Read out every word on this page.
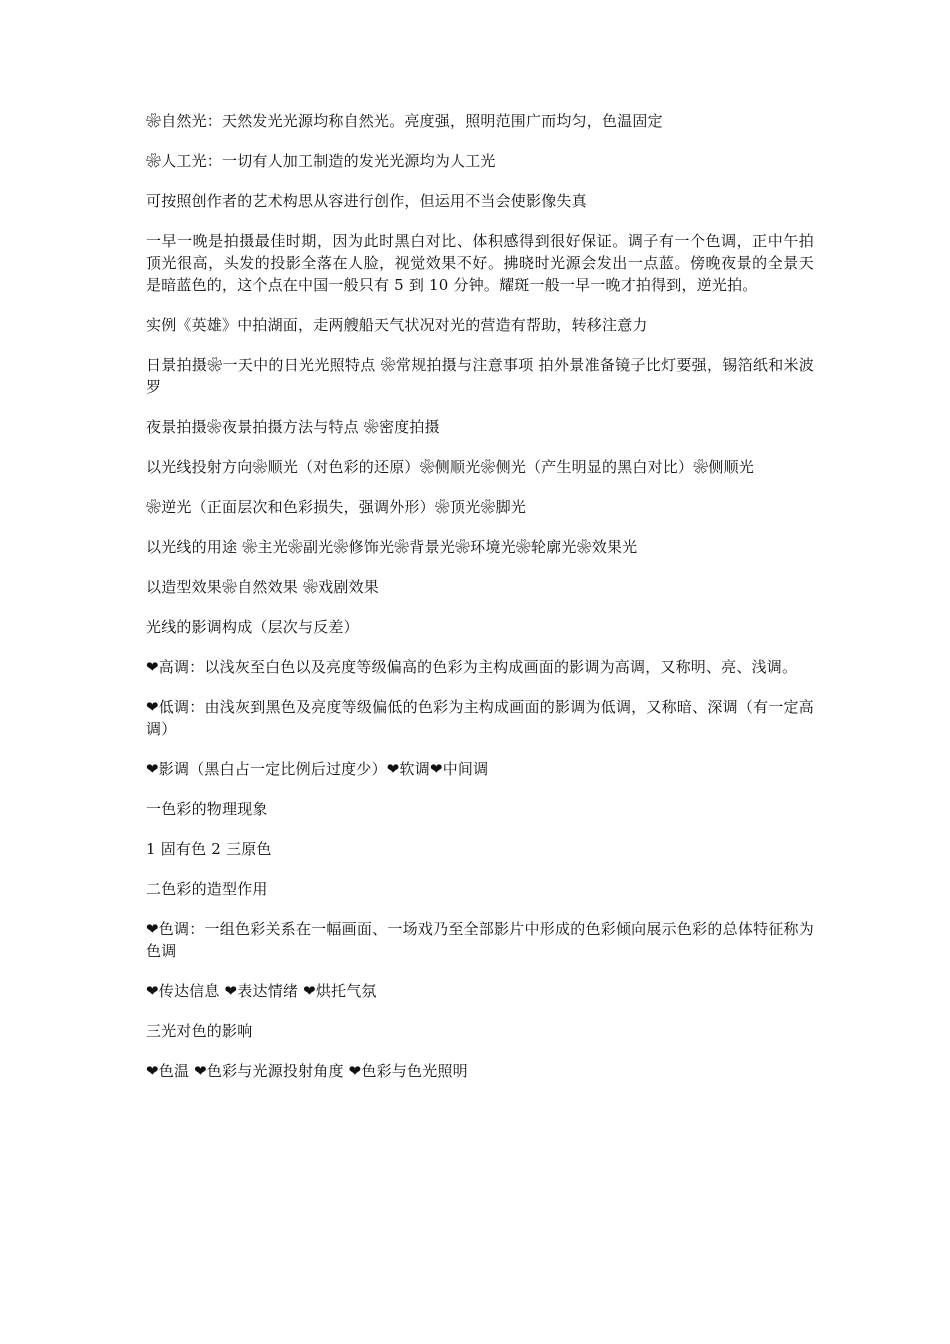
❀自然光：天然发光光源均称自然光。亮度强，照明范围广而均匀，色温固定

❀人工光：一切有人加工制造的发光光源均为人工光

可按照创作者的艺术构思从容进行创作，但运用不当会使影像失真

一早一晚是拍摄最佳时期，因为此时黑白对比、体积感得到很好保证。调子有一个色调，正中午拍顶光很高，头发的投影全落在人脸，视觉效果不好。拂晓时光源会发出一点蓝。傍晚夜景的全景天是暗蓝色的，这个点在中国一般只有 5 到 10 分钟。耀斑一般一早一晚才拍得到，逆光拍。

实例《英雄》中拍湖面，走两艘船天气状况对光的营造有帮助，转移注意力

日景拍摄❀一天中的日光光照特点 ❀常规拍摄与注意事项 拍外景准备镜子比灯要强，锡箔纸和米波罗

夜景拍摄❀夜景拍摄方法与特点 ❀密度拍摄

以光线投射方向❀顺光（对色彩的还原）❀侧顺光❀侧光（产生明显的黑白对比）❀侧顺光

❀逆光（正面层次和色彩损失，强调外形）❀顶光❀脚光

以光线的用途 ❀主光❀副光❀修饰光❀背景光❀环境光❀轮廓光❀效果光

以造型效果❀自然效果 ❀戏剧效果

光线的影调构成（层次与反差）

❤高调：以浅灰至白色以及亮度等级偏高的色彩为主构成画面的影调为高调，又称明、亮、浅调。

❤低调：由浅灰到黑色及亮度等级偏低的色彩为主构成画面的影调为低调，又称暗、深调（有一定高调）

❤影调（黑白占一定比例后过度少）❤软调❤中间调

一色彩的物理现象

1 固有色 2 三原色

二色彩的造型作用

❤色调：一组色彩关系在一幅画面、一场戏乃至全部影片中形成的色彩倾向展示色彩的总体特征称为色调

❤传达信息 ❤表达情绪 ❤烘托气氛

三光对色的影响

❤色温 ❤色彩与光源投射角度 ❤色彩与色光照明
